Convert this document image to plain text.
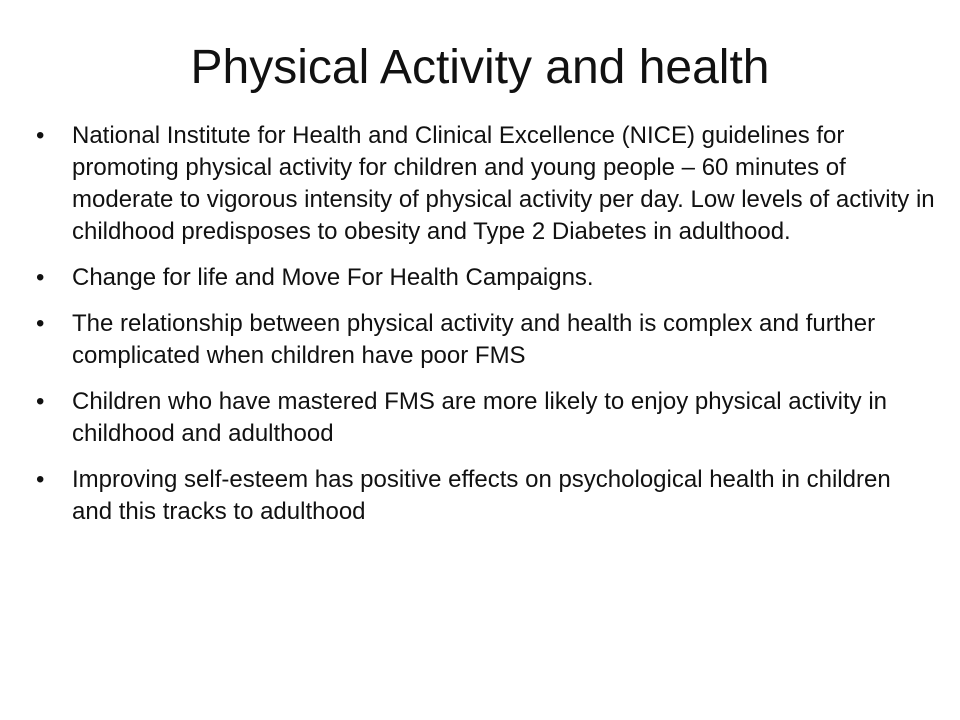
Physical Activity and health
•	National Institute for Health and Clinical Excellence (NICE) guidelines for promoting physical activity for children and young people – 60 minutes of moderate to vigorous intensity of physical activity per day. Low levels of activity in childhood predisposes to obesity and Type 2 Diabetes in adulthood.
•	Change for life and Move For Health Campaigns.
•	The relationship between physical activity and health is complex and further complicated when children have poor FMS
•	Children who have mastered FMS are more likely to enjoy physical activity in childhood and adulthood
•	Improving self-esteem has positive effects on psychological health in children and this tracks to adulthood
